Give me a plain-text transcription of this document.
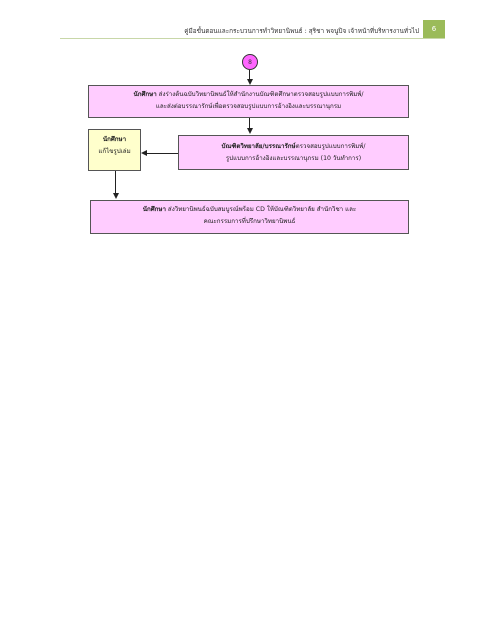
คู่มือขั้นตอนและกระบวนการทำวิทยานิพนธ์ : สุริชา พจนูปิจ เจ้าหน้าที่บริหารงานทั่วไป	6
8
นักศึกษา ส่งร่างต้นฉบับวิทยานิพนธ์ให้สำนักงานบัณฑิตศึกษาตรวจสอบรูปแบบการพิมพ์/
และส่งต่อบรรณารักษ์เพื่อตรวจสอบรูปแบบการอ้างอิงและบรรณานุกรม
บัณฑิตวิทยาลัย/บรรณารักษ์ตรวจสอบรูปแบบการพิมพ์/
รูปแบบการอ้างอิงและบรรณานุกรม (10 วันทำการ)
นักศึกษา
แก้ไขรูปเล่ม
นักศึกษา ส่งวิทยานิพนธ์ฉบับสมบูรณ์พร้อม CD ให้บัณฑิตวิทยาลัย สำนักวิชา และ
คณะกรรมการที่ปรึกษาวิทยานิพนธ์
